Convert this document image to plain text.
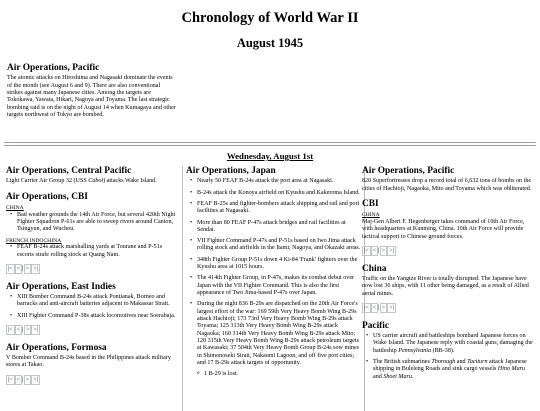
Chronology of World War II
August 1945
Air Operations, Pacific

The atomic attacks on Hiroshima and Nagasaki dominate the events of the month (see August 6 and 9). There are also conventional strikes against many Japanese cities. Among the targets are Tokokawa, Yawata, Hikari, Nagoya and Toyama. The last strategic bombing raid is on the night of August 14 when Kumagaya and other targets northwest of Tokyo are bombed.

Wednesday, August 1st
Air Operations, Central Pacific

Light Carrier Air Group 32 (USS Cabot) attacks Wake Island.

Air Operations, CBI
CHINA
• Bad weather grounds the 14th Air Force, but several 420th Night Fighter Squadron P-61s are able to sweep rivers around Canton, Tsingyun, and Wuchou.
FRENCH INDOCHINA
• FEAF B-24s attack marshalling yards at Tourane and P-51s escorts strafe rolling stock at Quang Nam.
|< < | > >|
Air Operations, East Indies
• XIII Bomber Command B-24s attack Pontianak, Borneo and barracks and anti-aircraft batteries adjacent to Makassar Strait.
• XIII Fighter Command P-38s attack locomotives near Soerabaja.
|< < | > >|
Air Operations, Formosa

V Bomber Command B-24s based in the Philippines attack military stores at Takao.

|< < | > >|
Air Operations, Japan
• Nearly 50 FEAF B-24s attack the port area at Nagasaki.
• B-24s attack the Konoya airfield on Kyushu and Kakeroma Island.
• FEAF B-25s and fighter-bombers attack shipping and rail and port facilities at Nagasaki.
• More than 80 FEAF P-47s attack bridges and rail facilities at Sendai.
• VII Fighter Command P-47s and P-51s based on Iwo Jima attack rolling stock and airfields in the Itami, Nagoya, and Okazaki areas.
• 348th Fighter Group P-51s down 4 Ki-84 'Frank' fighters over the Kyushu area at 1015 hours.
• The 414th Fighter Group, in P-47s, makes its combat debut over Japan with the VII Fighter Command. This is also the first appearance of Two Jima-based P-47s over Japan.
• During the night 836 B-29s are dispatched on the 20th Air Force's largest effort of the war: 169 59th Very Heavy Bomb Wing B-29s attack Hachioji; 173 73rd Very Heavy Bomb Wing B-29s attack Toyama; 125 313th Very Heavy Bomb Wing B-29s attack Nagaoka; 160 314th Very Heavy Bomb Wing B-29s attack Mito; 120 315th Very Heavy Bomb Wing B-29s attack petroleum targets at Kawasaki; 37 504th Very Heavy Bomb Group B-24s sow mines in Shimonoseki Strait, Nakaumi Lagoon, and off five port cities; and 17 B-29s attack targets of opportunity.
o 1 B-29 is lost.
Air Operations, Pacific

820 Superfortresses drop a record total of 6,632 tons of bombs on the cities of Hachioji, Nagaoka, Mito and Toyama which was obliterated.

CBI
CHINA

Maj-Gen Albert F. Hegenberger takes command of 10th Air Force, with headquarters at Kunming, China. 10th Air Force will provide tactical support to Chinese ground forces.

|< < | > >|
China

Traffic on the Yangtze River is totally disrupted. The Japanese have now lost 36 ships, with 11 other being damaged, as a result of Allied aerial mines.

|< < | > >|
Pacific
• US carrier aircraft and battleships bombard Japanese forces on Wake Island. The Japanese reply with coastal guns, damaging the battleship Pennsylvania (BB-38).
• The British submarines Thorough and Taciturn attack Japanese shipping in Buleleng Roads and sink cargo vessels Hino Maru and Shoei Maru.
